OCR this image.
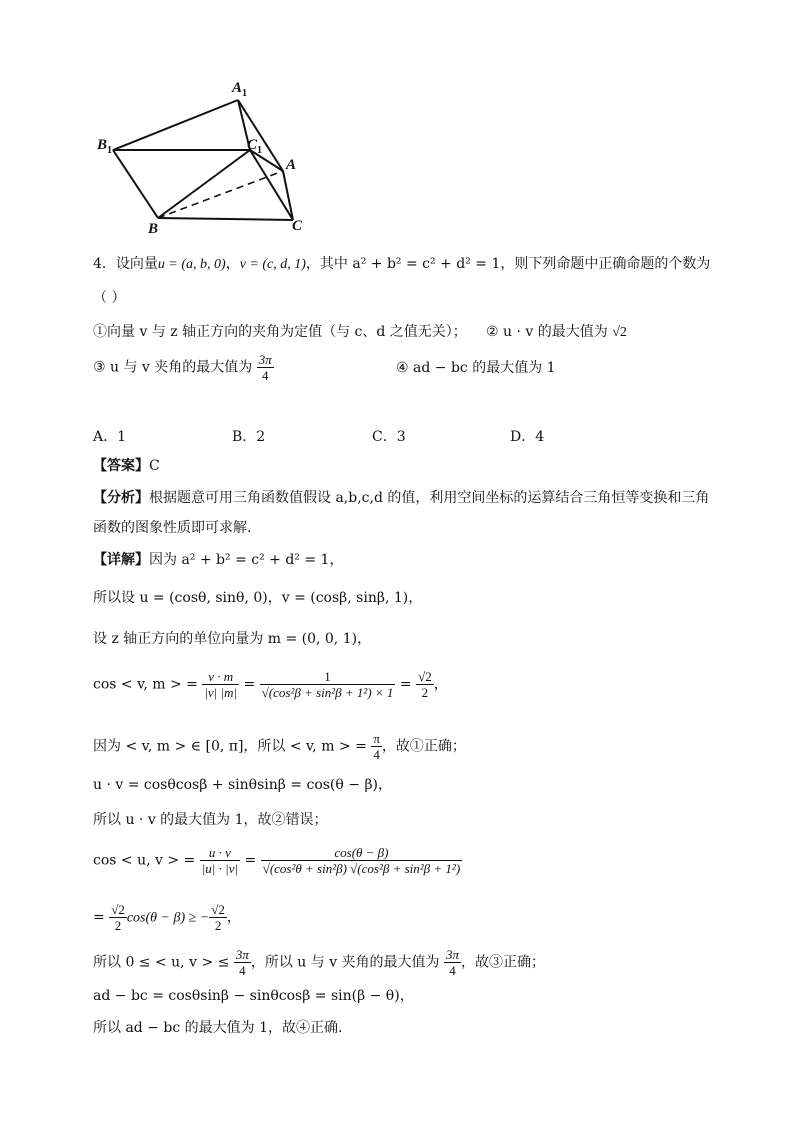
$A_1$
$B_1$	$C_1$
A
B	C
4．设向量u = (a, b, 0)，v = (c, d, 1)，其中 a² + b² = c² + d² = 1，则下列命题中正确命题的个数为
（ ）
①向量 v 与 z 轴正方向的夹角为定值（与 c、d 之值无关）； ② u · v 的最大值为 √2
③ u 与 v 夹角的最大值为 $\frac{3\pi}{4}$	④ ad − bc 的最大值为 1
A．1	B．2	C．3	D．4
【答案】C
【分析】根据题意可用三角函数值假设 a,b,c,d 的值，利用空间坐标的运算结合三角恒等变换和三角
函数的图象性质即可求解.
【详解】因为 a² + b² = c² + d² = 1，
所以设 u = (cosθ, sinθ, 0)，v = (cosβ, sinβ, 1)，
设 z 轴正方向的单位向量为 m = (0, 0, 1)，
cos < v, m > = $\frac{v \cdot m}{|v| |m|} = \frac{1}{\text{√(cos²β + sin²β + 1²) × 1}} = \frac{√2}{2}$ ，
因为 < v, m > ∈ [0, π]，所以 < v, m > = $\frac{\pi}{4}$ ，故①正确；
u · v = cosθcosβ + sinθsinβ = cos(θ − β)，
所以 u · v 的最大值为 1，故②错误；
cos < u, v > = $\frac{u \cdot v}{|u| \cdot |v|} = \frac{\cos(\theta - \beta)}{\text{√(cos²θ + sin²β) √(cos²β + sin²β + 1²)}}$
= $\frac{√2}{2} \cos(\theta - \beta)$ ≥ − $\frac{√2}{2}$ ，
所以 0 ≤ < u, v > ≤ $\frac{3\pi}{4}$ ，所以 u 与 v 夹角的最大值为 $\frac{3\pi}{4}$ ，故③正确；
ad − bc = cosθsinβ − sinθcosβ = sin(β − θ)，
所以 ad − bc 的最大值为 1，故④正确.
